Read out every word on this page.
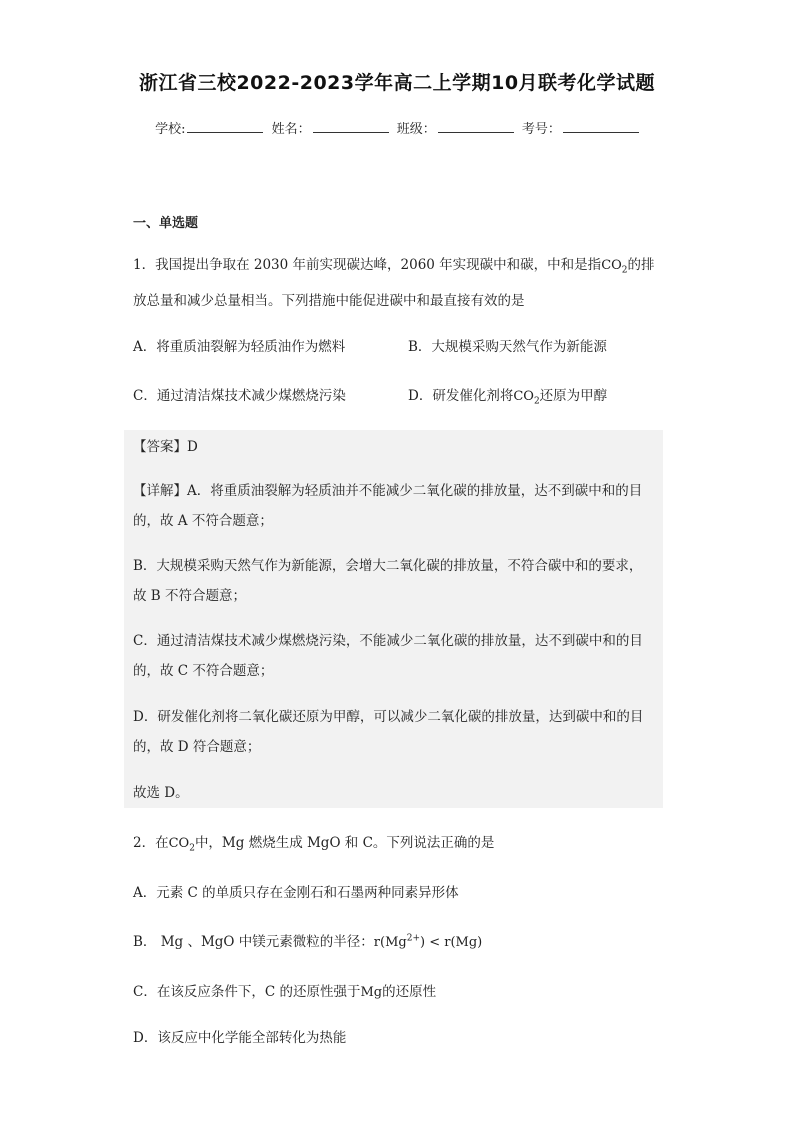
浙江省三校2022-2023学年高二上学期10月联考化学试题
学校:	姓名：	班级：	考号：
一、单选题
1．我国提出争取在 2030 年前实现碳达峰，2060 年实现碳中和碳，中和是指$CO_2$的排
放总量和减少总量相当。下列措施中能促进碳中和最直接有效的是
A．将重质油裂解为轻质油作为燃料	B．大规模采购天然气作为新能源
C．通过清洁煤技术减少煤燃烧污染	D．研发催化剂将$CO_2$还原为甲醇
【答案】D
【详解】A．将重质油裂解为轻质油并不能减少二氧化碳的排放量，达不到碳中和的目
的，故 A 不符合题意；
B．大规模采购天然气作为新能源，会增大二氧化碳的排放量，不符合碳中和的要求，
故 B 不符合题意；
C．通过清洁煤技术减少煤燃烧污染，不能减少二氧化碳的排放量，达不到碳中和的目
的，故 C 不符合题意；
D．研发催化剂将二氧化碳还原为甲醇，可以减少二氧化碳的排放量，达到碳中和的目
的，故 D 符合题意；
故选 D。
2．在$CO_2$中，Mg 燃烧生成 MgO 和 C。下列说法正确的是
A．元素 C 的单质只存在金刚石和石墨两种同素异形体
B． Mg 、MgO 中镁元素微粒的半径：$r(Mg^{2+}) < r(Mg)$
C．在该反应条件下，C 的还原性强于Mg的还原性
D．该反应中化学能全部转化为热能
